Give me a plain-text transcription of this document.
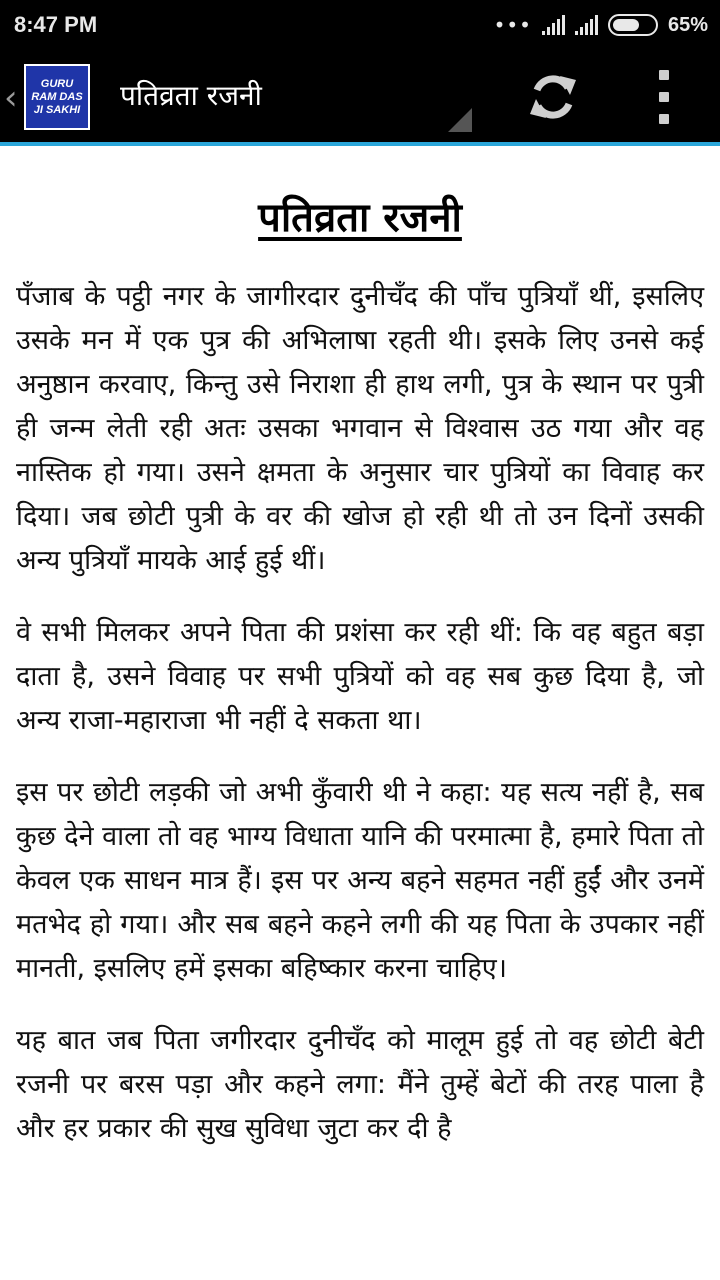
8:47 PM	•••	65%
‹	GURU RAM DAS JI SAKHI	पतिव्रता रजनी
पतिव्रता रजनी

पँजाब के पट्ठी नगर के जागीरदार दुनीचँद की पाँच पुत्रियाँ थीं, इसलिए उसके मन में एक पुत्र की अभिलाषा रहती थी। इसके लिए उनसे कई अनुष्ठान करवाए, किन्तु उसे निराशा ही हाथ लगी, पुत्र के स्थान पर पुत्री ही जन्म लेती रही अतः उसका भगवान से विश्वास उठ गया और वह नास्तिक हो गया। उसने क्षमता के अनुसार चार पुत्रियों का विवाह कर दिया। जब छोटी पुत्री के वर की खोज हो रही थी तो उन दिनों उसकी अन्य पुत्रियाँ मायके आई हुई थीं।

वे सभी मिलकर अपने पिता की प्रशंसा कर रही थीं: कि वह बहुत बड़ा दाता है, उसने विवाह पर सभी पुत्रियों को वह सब कुछ दिया है, जो अन्य राजा-महाराजा भी नहीं दे सकता था।

इस पर छोटी लड़की जो अभी कुँवारी थी ने कहा: यह सत्य नहीं है, सब कुछ देने वाला तो वह भाग्य विधाता यानि की परमात्मा है, हमारे पिता तो केवल एक साधन मात्र हैं। इस पर अन्य बहने सहमत नहीं हुईं और उनमें मतभेद हो गया। और सब बहने कहने लगी की यह पिता के उपकार नहीं मानती, इसलिए हमें इसका बहिष्कार करना चाहिए।

यह बात जब पिता जगीरदार दुनीचँद को मालूम हुई तो वह छोटी बेटी रजनी पर बरस पड़ा और कहने लगा: मैंने तुम्हें बेटों की तरह पाला है और हर प्रकार की सुख सुविधा जुटा कर दी है
